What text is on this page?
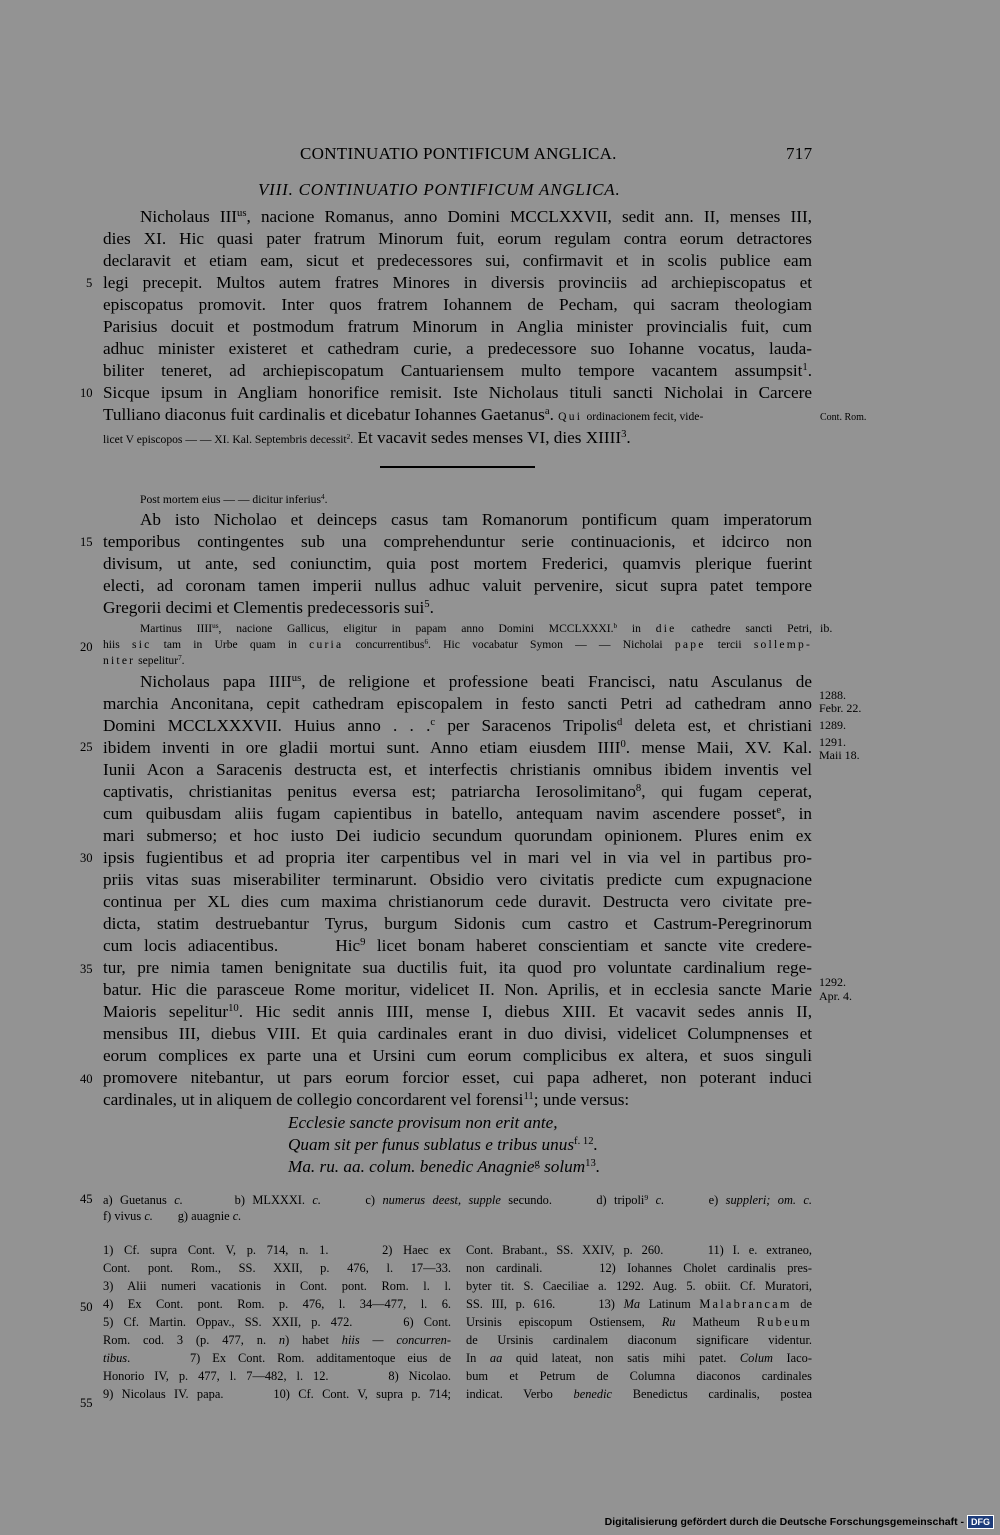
CONTINUATIO PONTIFICUM ANGLICA.	717
VIII. CONTINUATIO PONTIFICUM ANGLICA.
5
10
15
20
25
30
35
40
45
50
55
Cont. Rom.
ib.
1288.
Febr. 22.
1289.
1291.
Maii 18.
1292.
Apr. 4.
Nicholaus $III^{us}$, nacione Romanus, anno Domini MCCLXXVII, sedit ann. II, menses III,
dies XI. Hic quasi pater fratrum Minorum fuit, eorum regulam contra eorum detractores
declaravit et etiam eam, sicut et predecessores sui, confirmavit et in scolis publice eam
legi precepit. Multos autem fratres Minores in diversis provinciis ad archiepiscopatus et
episcopatus promovit. Inter quos fratrem Iohannem de Pecham, qui sacram theologiam
Parisius docuit et postmodum fratrum Minorum in Anglia minister provincialis fuit, cum
adhuc minister existeret et cathedram curie, a predecessore suo Iohanne vocatus, lauda-
biliter teneret, ad archiepiscopatum Cantuariensem multo tempore vacantem assumpsit$^1$.
Sicque ipsum in Angliam honorifice remisit. Iste Nicholaus tituli sancti Nicholai in Carcere
Tulliano diaconus fuit cardinalis et dicebatur Iohannes Gaetanus$^a$. Qui ordinacionem fecit, vide-
licet V episcopos — — XI. Kal. Septembris decessit$^2$. Et vacavit sedes menses VI, dies XIIII$^3$.
Post mortem eius — — dicitur inferius$^4$.
Ab isto Nicholao et deinceps casus tam Romanorum pontificum quam imperatorum
temporibus contingentes sub una comprehenduntur serie continuacionis, et idcirco non
divisum, ut ante, sed coniunctim, quia post mortem Frederici, quamvis plerique fuerint
electi, ad coronam tamen imperii nullus adhuc valuit pervenire, sicut supra patet tempore
Gregorii decimi et Clementis predecessoris sui$^5$.
Martinus $IIII^{us}$, nacione Gallicus, eligitur in papam anno Domini MCCLXXXI.$^b$ in die cathedre sancti Petri,
hiis sic tam in Urbe quam in curia concurrentibus$^6$. Hic vocabatur Symon — — Nicholai pape tercii sollemp-
niter sepelitur$^7$.
Nicholaus papa $IIII^{us}$, de religione et professione beati Francisci, natu Asculanus de
marchia Anconitana, cepit cathedram episcopalem in festo sancti Petri ad cathedram anno
Domini MCCLXXXVII. Huius anno . . .$^c$ per Saracenos Tripolis$^d$ deleta est, et christiani
ibidem inventi in ore gladii mortui sunt. Anno etiam eiusdem IIII$^0$. mense Maii, XV. Kal.
Iunii Acon a Saracenis destructa est, et interfectis christianis omnibus ibidem inventis vel
captivatis, christianitas penitus eversa est; patriarcha Ierosolimitano$^8$, qui fugam ceperat,
cum quibusdam aliis fugam capientibus in batello, antequam navim ascendere posset$^e$, in
mari submerso; et hoc iusto Dei iudicio secundum quorundam opinionem. Plures enim ex
ipsis fugientibus et ad propria iter carpentibus vel in mari vel in via vel in partibus pro-
priis vitas suas miserabiliter terminarunt. Obsidio vero civitatis predicte cum expugnacione
continua per XL dies cum maxima christianorum cede duravit. Destructa vero civitate pre-
dicta, statim destruebantur Tyrus, burgum Sidonis cum castro et Castrum-Peregrinorum
cum locis adiacentibus.     Hic$^9$ licet bonam haberet conscientiam et sancte vite credere-
tur, pre nimia tamen benignitate sua ductilis fuit, ita quod pro voluntate cardinalium rege-
batur. Hic die parasceue Rome moritur, videlicet II. Non. Aprilis, et in ecclesia sancte Marie
Maioris sepelitur$^{10}$. Hic sedit annis IIII, mense I, diebus XIII. Et vacavit sedes annis II,
mensibus III, diebus VIII. Et quia cardinales erant in duo divisi, videlicet Columpnenses et
eorum complices ex parte una et Ursini cum eorum complicibus ex altera, et suos singuli
promovere nitebantur, ut pars eorum forcior esset, cui papa adheret, non poterant induci
cardinales, ut in aliquem de collegio concordarent vel forensi$^{11}$; unde versus:
Ecclesie sancte provisum non erit ante,
Quam sit per funus sublatus e tribus unus$^{f. 12}$.
Ma. ru. aa. colum. benedic Anagnie$^g$ solum$^{13}$.
a) Guetanus c.       b) MLXXXI. c.      c) numerus deest, supple secundo.      d) tripoli$^9$ c.      e) suppleri; om. c.
f) vivus c.        g) auagnie c.
1) Cf. supra Cont. V, p. 714, n. 1.     2) Haec ex
Cont. pont. Rom., SS. XXII, p. 476, l. 17—33.
3) Alii numeri vacationis in Cont. pont. Rom. l. l.
4) Ex Cont. pont. Rom. p. 476, l. 34—477, l. 6.
5) Cf. Martin. Oppav., SS. XXII, p. 472.     6) Cont.
Rom. cod. 3 (p. 477, n. n) habet hiis — concurren-
tibus.     7) Ex Cont. Rom. additamentoque eius de
Honorio IV, p. 477, l. 7—482, l. 12.      8) Nicolao.
9) Nicolaus IV. papa.      10) Cf. Cont. V, supra p. 714;
Cont. Brabant., SS. XXIV, p. 260.     11) I. e. extraneo,
non cardinali.     12) Iohannes Cholet cardinalis pres-
byter tit. S. Caeciliae a. 1292. Aug. 5. obiit. Cf. Muratori,
SS. III, p. 616.     13) Ma Latinum Malabrancam de
Ursinis episcopum Ostiensem, Ru Matheum Rubeum
de Ursinis cardinalem diaconum significare videntur.
In aa quid lateat, non satis mihi patet. Colum Iaco-
bum et Petrum de Columna diaconos cardinales
indicat. Verbo benedic Benedictus cardinalis, postea
Digitalisierung gefördert durch die Deutsche Forschungsgemeinschaft - DFG
